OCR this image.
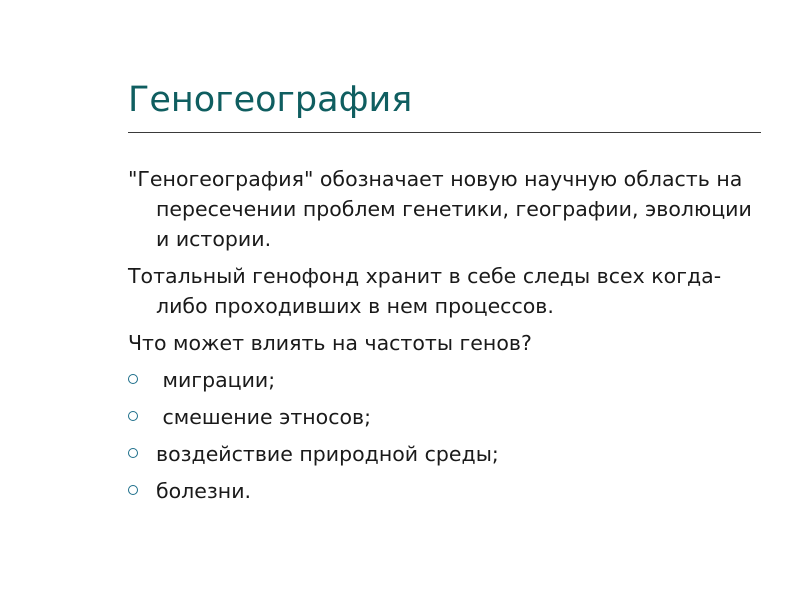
Геногеография

"Геногеография" обозначает новую научную область на пересечении проблем генетики, географии, эволюции и истории.

Тотальный генофонд хранит в себе следы всех когда-либо проходивших в нем процессов.

Что может влиять на частоты генов?

миграции;
смешение этносов;
воздействие природной среды;
болезни.
